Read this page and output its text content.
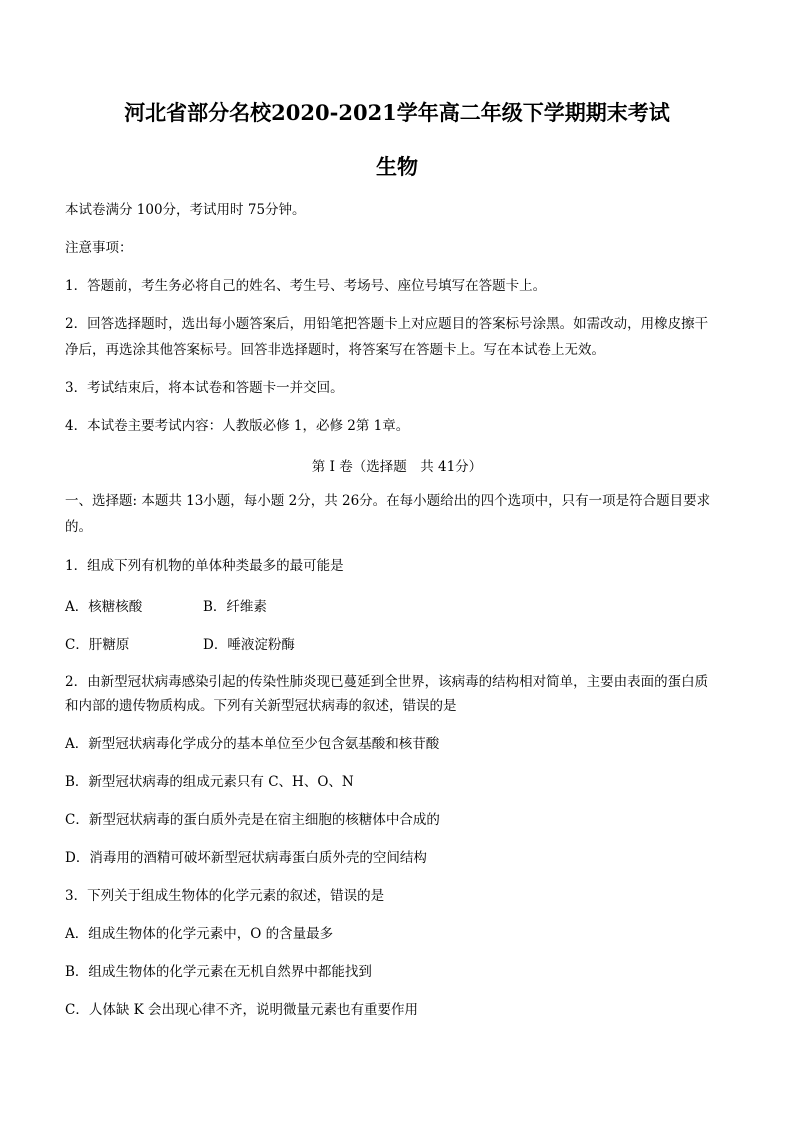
河北省部分名校2020-2021学年高二年级下学期期末考试
生物
本试卷满分 100分，考试用时 75分钟。
注意事项：
1．答题前，考生务必将自己的姓名、考生号、考场号、座位号填写在答题卡上。
2．回答选择题时，选出每小题答案后，用铅笔把答题卡上对应题目的答案标号涂黑。如需改动，用橡皮擦干
净后，再选涂其他答案标号。回答非选择题时，将答案写在答题卡上。写在本试卷上无效。
3．考试结束后，将本试卷和答题卡一并交回。
4．本试卷主要考试内容：人教版必修 1，必修 2第 1章。
第 I 卷（选择题　共 41分）
一、选择题: 本题共 13小题，每小题 2分，共 26分。在每小题给出的四个选项中，只有一项是符合题目要求
的。
1．组成下列有机物的单体种类最多的最可能是
A．核糖核酸	B．纤维素
C．肝糖原	D．唾液淀粉酶
2．由新型冠状病毒感染引起的传染性肺炎现已蔓延到全世界，该病毒的结构相对简单，主要由表面的蛋白质
和内部的遗传物质构成。下列有关新型冠状病毒的叙述，错误的是
A．新型冠状病毒化学成分的基本单位至少包含氨基酸和核苷酸
B．新型冠状病毒的组成元素只有 C、H、O、N
C．新型冠状病毒的蛋白质外壳是在宿主细胞的核糖体中合成的
D．消毒用的酒精可破坏新型冠状病毒蛋白质外壳的空间结构
3．下列关于组成生物体的化学元素的叙述，错误的是
A．组成生物体的化学元素中，O 的含量最多
B．组成生物体的化学元素在无机自然界中都能找到
C．人体缺 K 会出现心律不齐，说明微量元素也有重要作用
